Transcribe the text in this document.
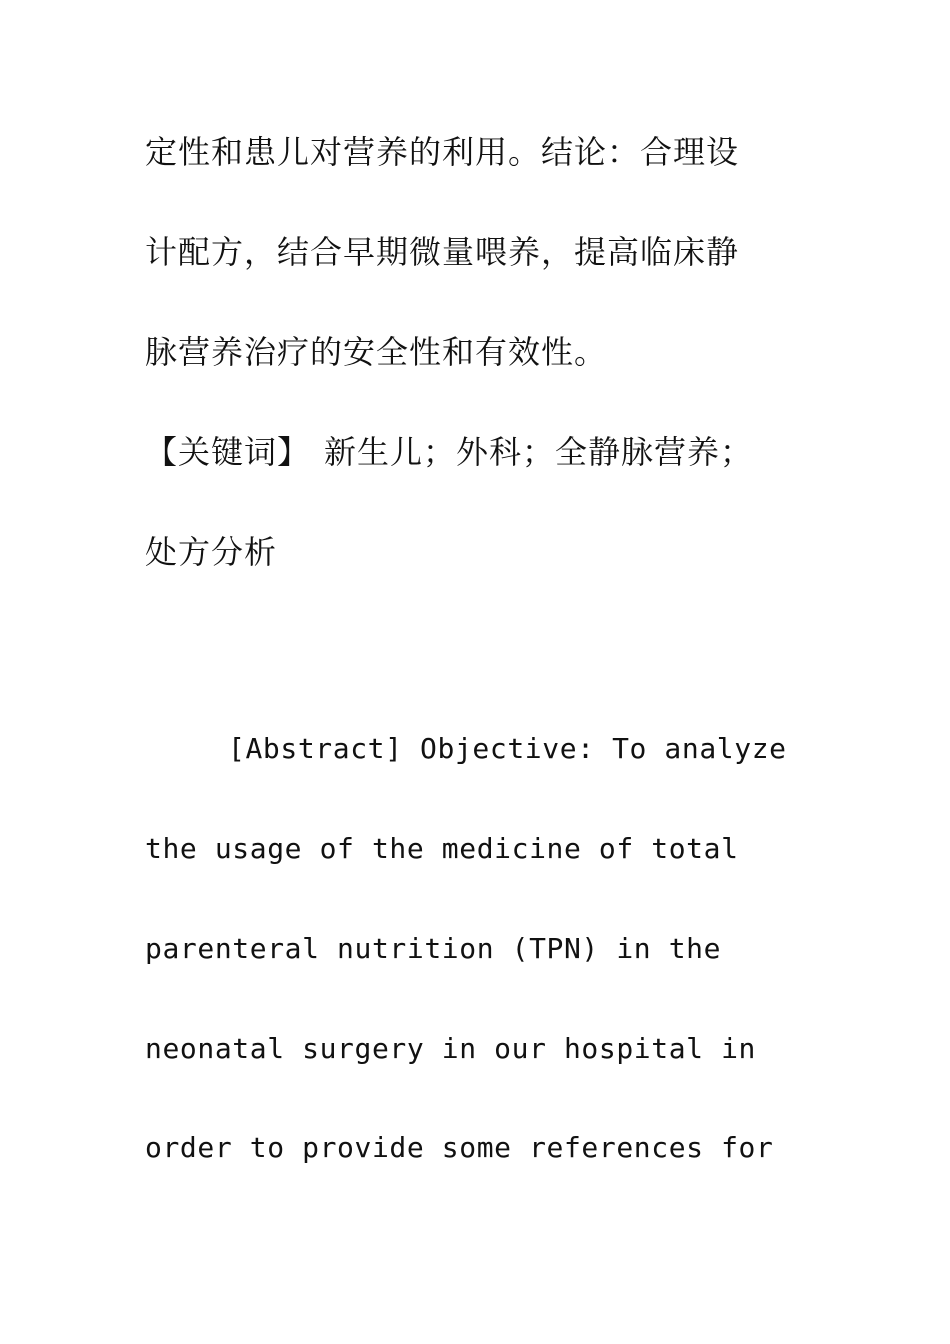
定性和患儿对营养的利用。结论：合理设
计配方，结合早期微量喂养，提高临床静
脉营养治疗的安全性和有效性。
【关键词】 新生儿；外科；全静脉营养；
处方分析
[Abstract] Objective: To analyze
the usage of the medicine of total
parenteral nutrition (TPN) in the
neonatal surgery in our hospital in
order to provide some references for
